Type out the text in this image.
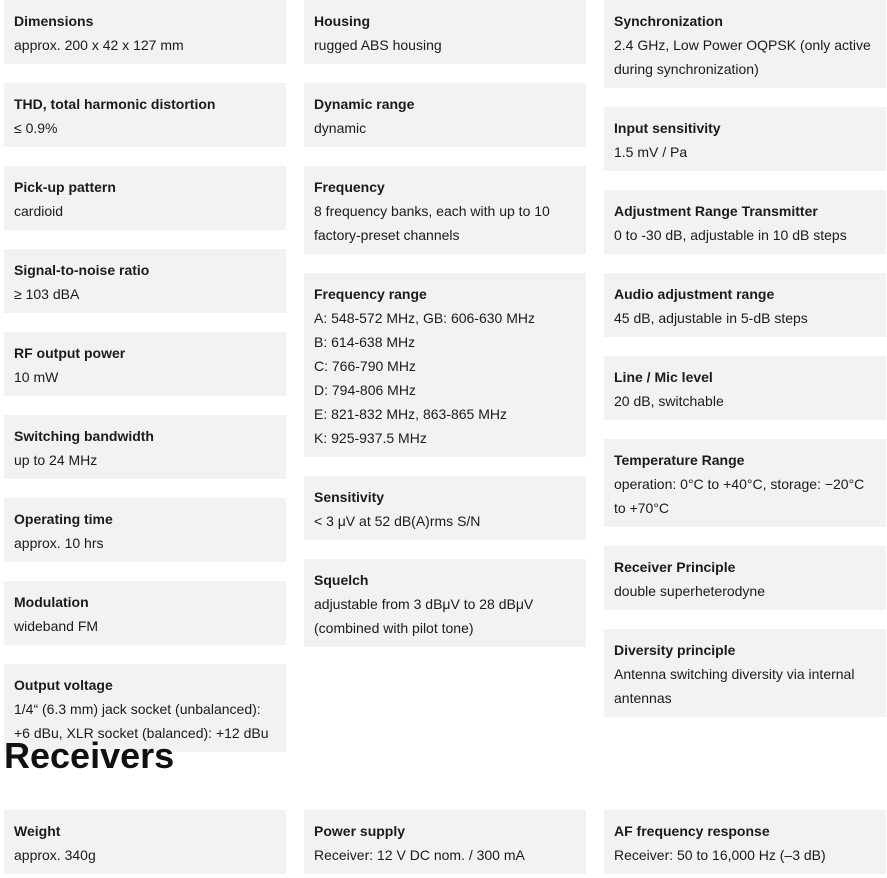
Dimensions
approx. 200 x 42 x 127 mm
THD, total harmonic distortion
≤ 0.9%
Pick-up pattern
cardioid
Signal-to-noise ratio
≥ 103 dBA
RF output power
10 mW
Switching bandwidth
up to 24 MHz
Operating time
approx. 10 hrs
Modulation
wideband FM
Output voltage
1/4“ (6.3 mm) jack socket (unbalanced): +6 dBu, XLR socket (balanced): +12 dBu
Housing
rugged ABS housing
Dynamic range
dynamic
Frequency
8 frequency banks, each with up to 10 factory-preset channels
Frequency range
A: 548-572 MHz, GB: 606-630 MHz
B: 614-638 MHz
C: 766-790 MHz
D: 794-806 MHz
E: 821-832 MHz, 863-865 MHz
K: 925-937.5 MHz
Sensitivity
< 3 μV at 52 dB(A)rms S/N
Squelch
adjustable from 3 dBμV to 28 dBμV (combined with pilot tone)
Synchronization
2.4 GHz, Low Power OQPSK (only active during synchronization)
Input sensitivity
1.5 mV / Pa
Adjustment Range Transmitter
0 to -30 dB, adjustable in 10 dB steps
Audio adjustment range
45 dB, adjustable in 5-dB steps
Line / Mic level
20 dB, switchable
Temperature Range
operation: 0°C to +40°C, storage: −20°C to +70°C
Receiver Principle
double superheterodyne
Diversity principle
Antenna switching diversity via internal antennas
Receivers
Weight
approx. 340g
Power supply
Receiver: 12 V DC nom. / 300 mA
AF frequency response
Receiver: 50 to 16,000 Hz (–3 dB)
